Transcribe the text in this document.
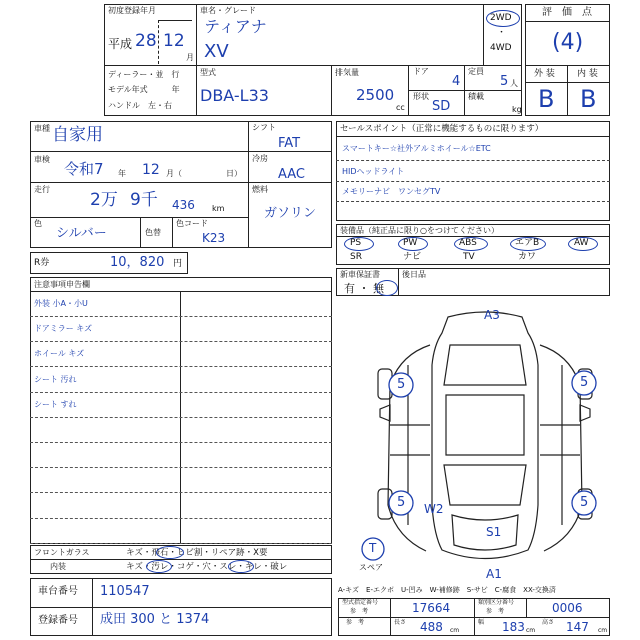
初度登録年月
平成 28 12
月
車名・グレード
ティアナ
XV
2WD
・
4WD
評　価　点
(4)
外 装 内 装
B B
ディーラー・並　行
モデル年式　　　年
ハンドル　左・右
型式
DBA-L33
排気量
2500
cc
ドア
4
定員
5 人
形状
SD
積載
kg
車種 自家用
車検
令和7 年 12 月（	日）
走行
2万 9千 436 km
色
シルバー	色替
色コード
K23
シフト
FAT
冷房
AAC
燃料
ガソリン
セールスポイント（正常に機能するものに限ります）
スマートキー☆社外アルミホイール☆ETC
HIDヘッドライト
メモリーナビ　ワンセグTV
装備品（純正品に限り○をつけてください）
PS	PW	ABS	エアB	AW
SR	ナビ	TV	カワ
新車保証書	後日品
有 ・ 無
R券	10，820 円
注意事項申告欄
外装 小A・小U
ドアミラー キズ
ホイール キズ
シート 汚れ
シート すれ
フロントガラス	キズ・飛石・ヒビ割・リペア跡・X要
内装	キズ・汚レ・コゲ・穴・スレ・キレ・破レ
A3
5	5
5	5
W2
S1
A1
T
スペア
A-キズ　E-エクボ　U-凹み　W-補修跡　S-サビ　C-腐食　XX-交換済
車台番号 110547
登録番号 成田 300 と 1374
型式指定番号
参　考	17664	類別区分番号
参　考	0006
参　考	長さ 488 cm
幅 183 cm
高さ 147 cm
